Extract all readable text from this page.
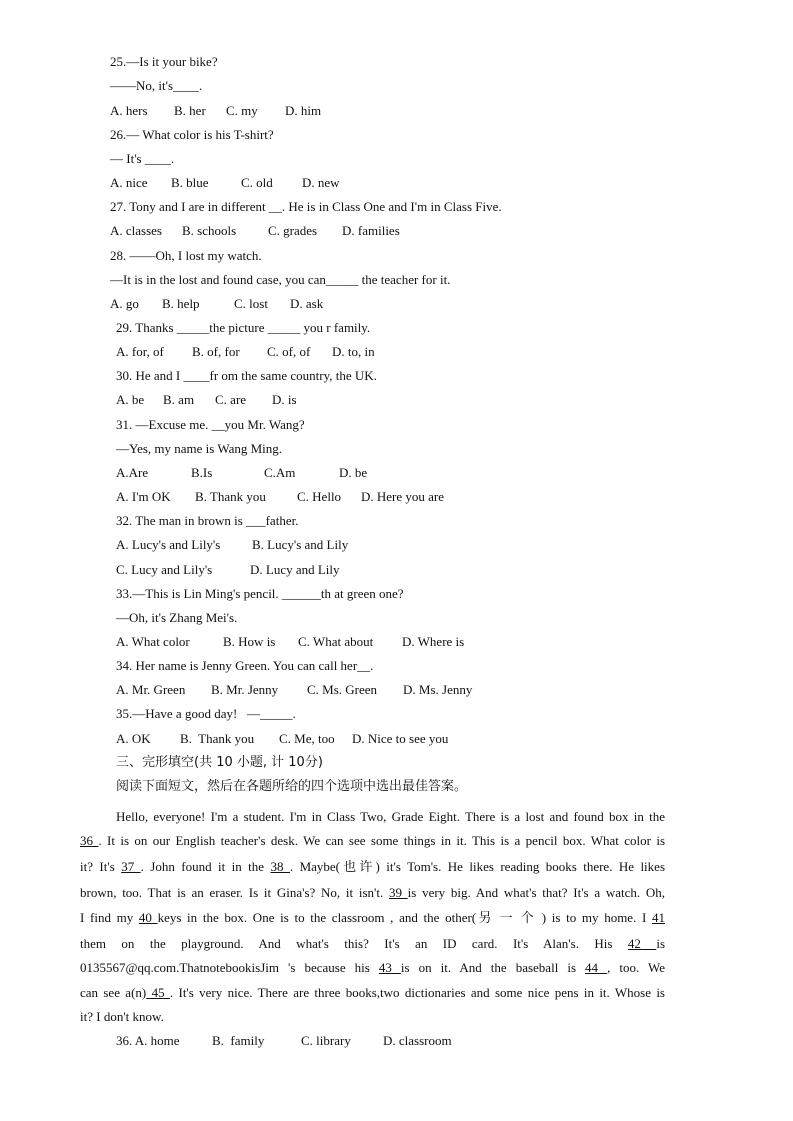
25.—Is it your bike?
——No, it's____.
A. hers	B. her	C. my	D. him
26.— What color is his T-shirt?
— It's ____.
A. nice	B. blue	C. old	D. new
27. Tony and I are in different __. He is in Class One and I'm in Class Five.
A. classes	B. schools	C. grades	D. families
28. ——Oh, I lost my watch.
—It is in the lost and found case, you can_____ the teacher for it.
A. go	B. help	C. lost	D. ask
29. Thanks _____the picture _____ you r family.
A. for, of	B. of, for	C. of, of	D. to, in
30. He and I ____fr om the same country, the UK.
A. be	B. am	C. are	D. is
31. —Excuse me. __you Mr. Wang?
—Yes, my name is Wang Ming.
A.Are	B.Is	C.Am	D. be
A. I'm OK	B. Thank you	C. Hello	D. Here you are
32. The man in brown is ___father.
A. Lucy's and Lily's	B. Lucy's and Lily
C. Lucy and Lily's	D. Lucy and Lily
33.—This is Lin Ming's pencil. ______th at green one?
—Oh, it's Zhang Mei's.
A. What color	B. How is	C. What about	D. Where is
34. Her name is Jenny Green. You can call her__.
A. Mr. Green	B. Mr. Jenny	C. Ms. Green	D. Ms. Jenny
35.—Have a good day!   —_____.
A. OK	B.  Thank you	C. Me, too	D. Nice to see you
三、完形填空(共 10 小题, 计 10分)
阅读下面短文，然后在各题所给的四个选项中选出最佳答案。
Hello, everyone! I'm a student. I'm in Class Two, Grade Eight. There is a lost and found box in the
36 . It is on our English teacher's desk. We can see some things in it. This is a pencil box. What color is
it? It's 37 . John found it in the 38 . Maybe(也许) it's Tom's. He likes reading books there. He likes
brown, too. That is an eraser. Is it Gina's? No, it isn't. 39 is very big. And what's that? It's a watch. Oh,
I find my 40 keys in the box. One is to the classroom , and the other(另 一 个 ) is to my home. I 41
them on the playground. And what's this? It's an ID card. It's Alan's. His 42 is
0135567@qq.com.ThatnotebookisJim 's because his 43 is on it. And the baseball is 44 , too. We
can see a(n) 45 . It's very nice. There are three books,two dictionaries and some nice pens in it. Whose is
it? I don't know.
36. A. home	B.  family	C. library	D. classroom
